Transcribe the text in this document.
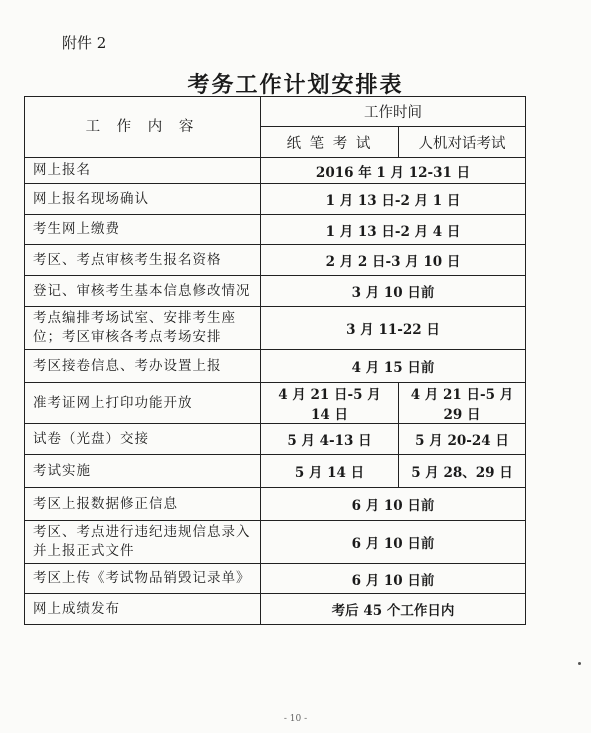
附件 2
考务工作计划安排表
工 作 内 容	工作时间	
	纸 笔 考 试	人机对话考试
网上报名	2016 年 1 月 12-31 日	
网上报名现场确认	1 月 13 日-2 月 1 日	
考生网上缴费	1 月 13 日-2 月 4 日	
考区、考点审核考生报名资格	2 月 2 日-3 月 10 日	
登记、审核考生基本信息修改情况	3 月 10 日前	
考点编排考场试室、安排考生座位；考区审核各考点考场安排	3 月 11-22 日	
考区接卷信息、考办设置上报	4 月 15 日前	
准考证网上打印功能开放	4 月 21 日-5 月 14 日	4 月 21 日-5 月 29 日
试卷（光盘）交接	5 月 4-13 日	5 月 20-24 日
考试实施	5 月 14 日	5 月 28、29 日
考区上报数据修正信息	6 月 10 日前	
考区、考点进行违纪违规信息录入并上报正式文件	6 月 10 日前	
考区上传《考试物品销毁记录单》	6 月 10 日前	
网上成绩发布	考后 45 个工作日内	
- 10 -
